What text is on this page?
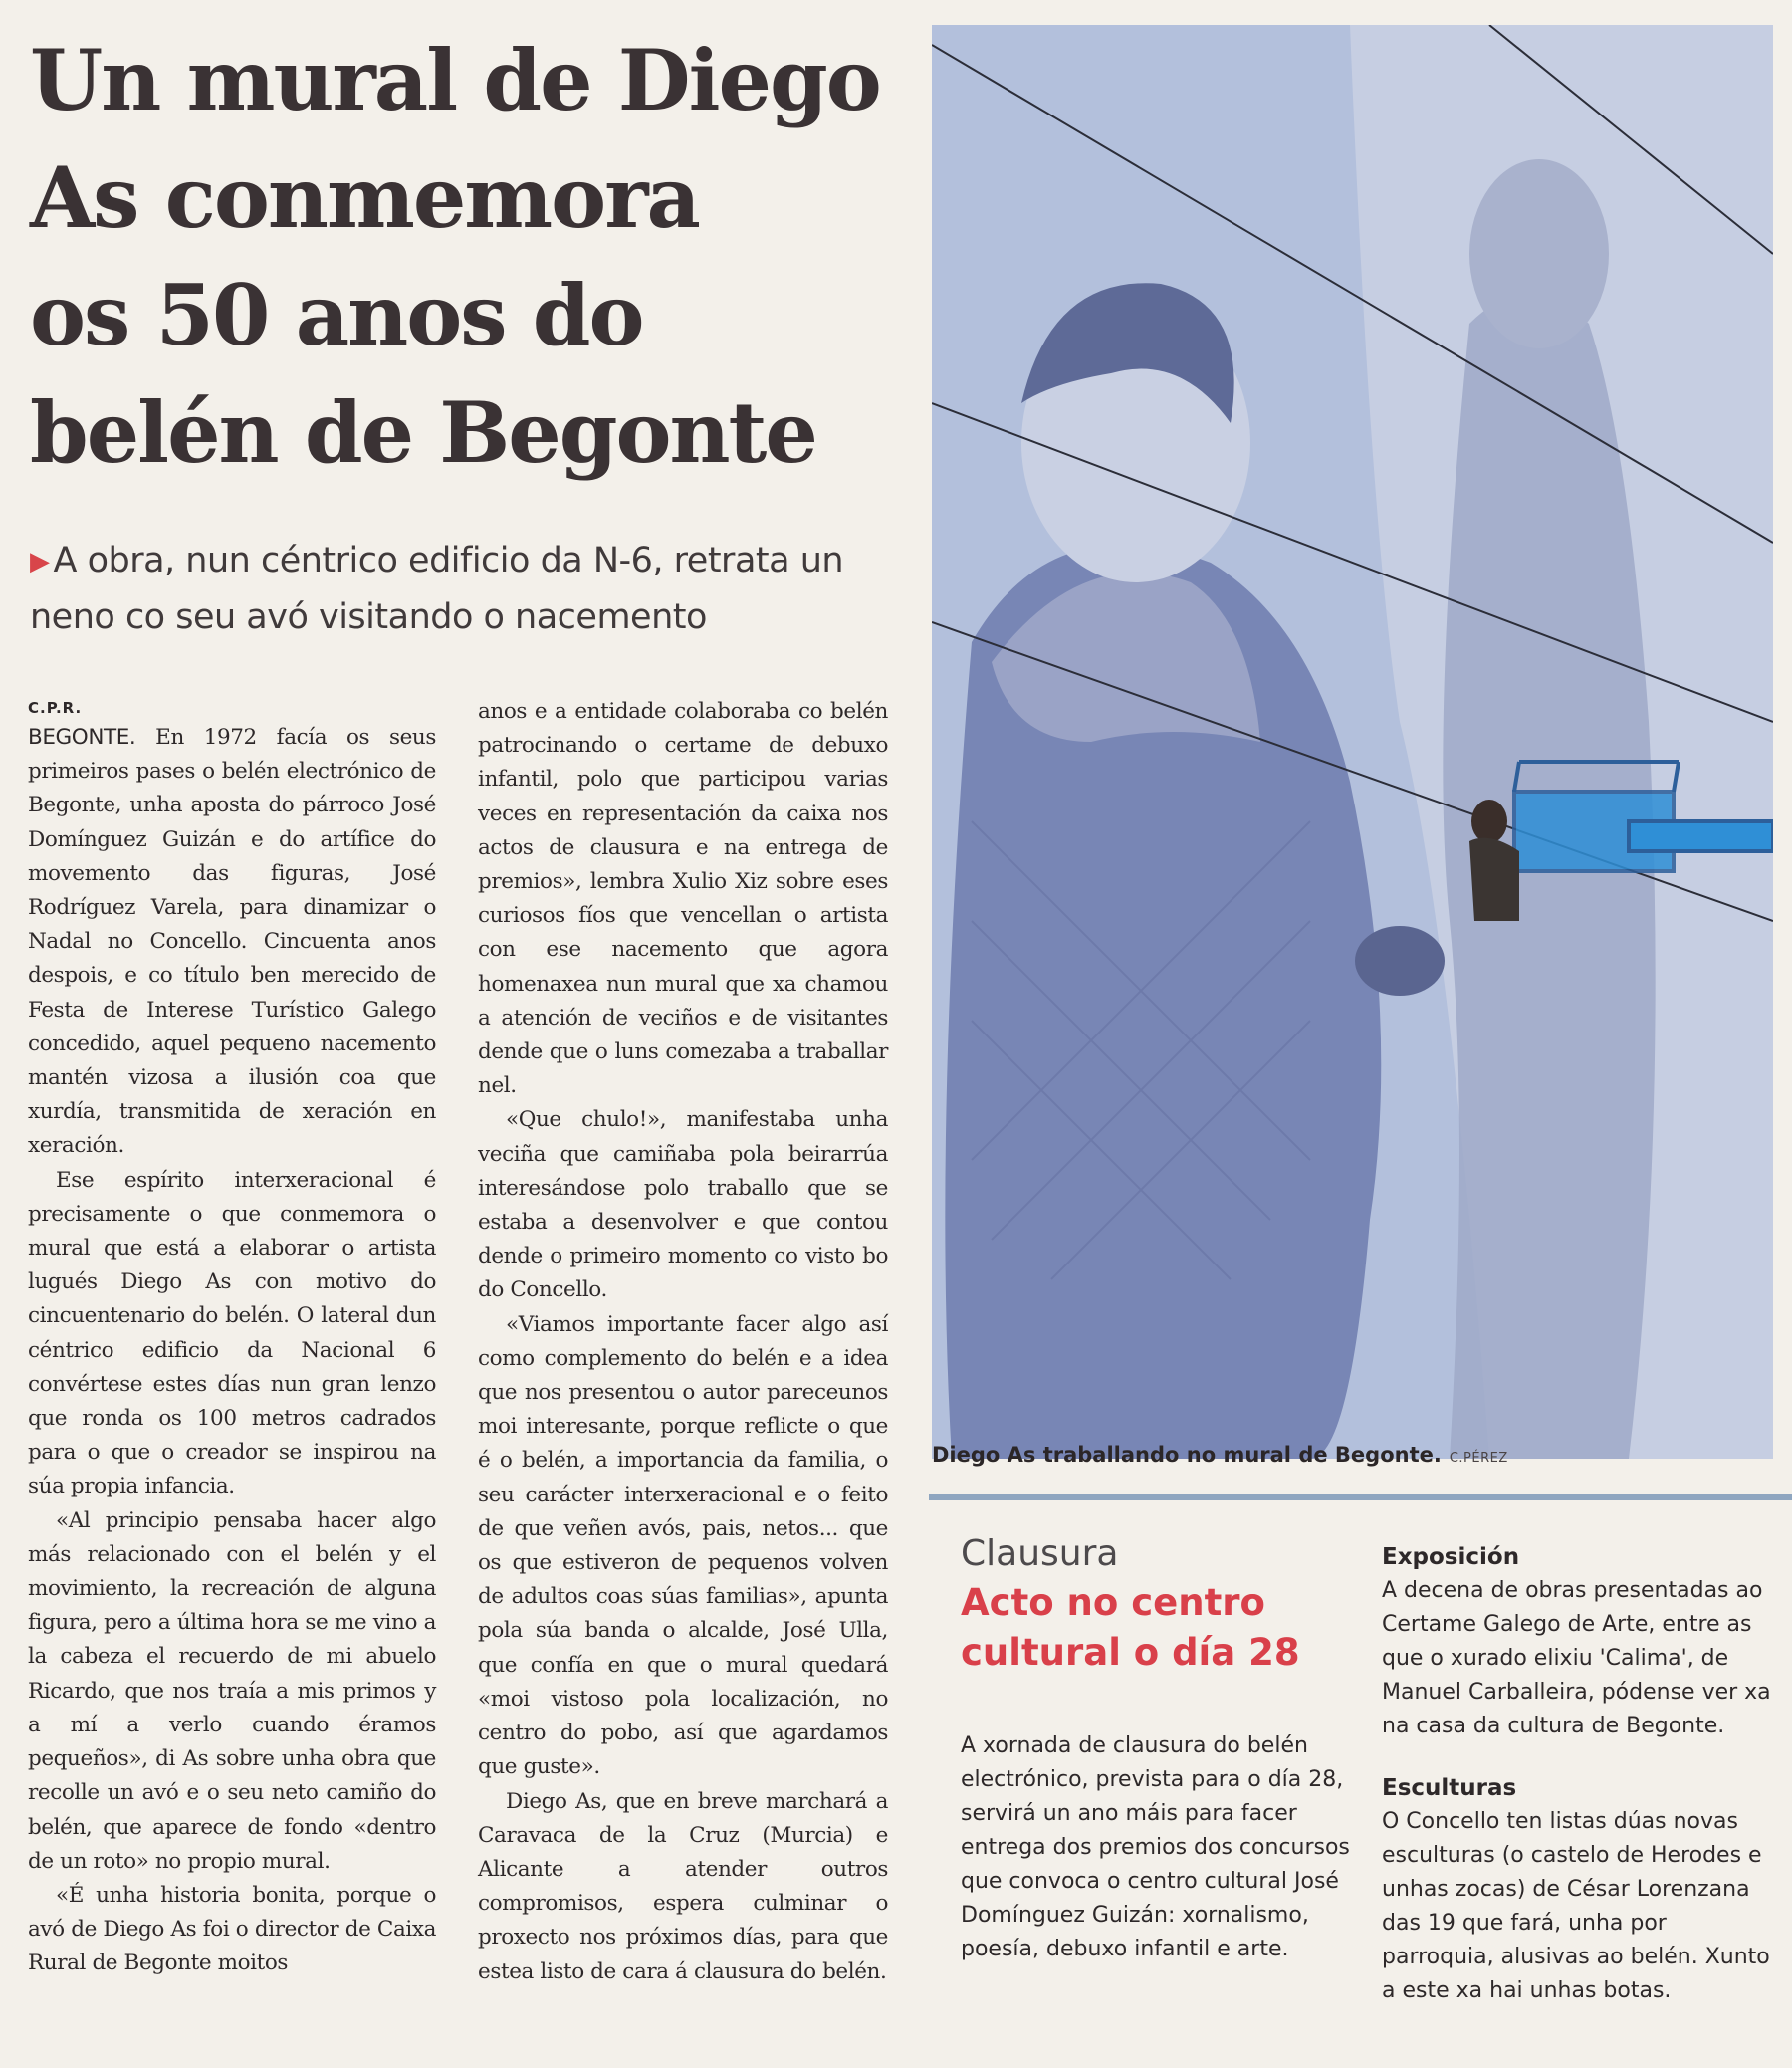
Un mural de Diego
As conmemora
os 50 anos do
belén de Begonte
▶ A obra, nun céntrico edificio da N-6, retrata un neno co seu avó visitando o nacemento
C.P.R.

BEGONTE. En 1972 facía os seus primeiros pases o belén electrónico de Begonte, unha aposta do párroco José Domínguez Guizán e do artífice do movemento das figuras, José Rodríguez Varela, para dinamizar o Nadal no Concello. Cincuenta anos despois, e co título ben merecido de Festa de Interese Turístico Galego concedido, aquel pequeno nacemento mantén vizosa a ilusión coa que xurdía, transmitida de xeración en xeración.

Ese espírito interxeracional é precisamente o que conmemora o mural que está a elaborar o artista lugués Diego As con motivo do cincuentenario do belén. O lateral dun céntrico edificio da Nacional 6 convértese estes días nun gran lenzo que ronda os 100 metros cadrados para o que o creador se inspirou na súa propia infancia.

«Al principio pensaba hacer algo más relacionado con el belén y el movimiento, la recreación de alguna figura, pero a última hora se me vino a la cabeza el recuerdo de mi abuelo Ricardo, que nos traía a mis primos y a mí a verlo cuando éramos pequeños», di As sobre unha obra que recolle un avó e o seu neto camiño do belén, que aparece de fondo «dentro de un roto» no propio mural.

«É unha historia bonita, porque o avó de Diego As foi o director de Caixa Rural de Begonte moitos

anos e a entidade colaboraba co belén patrocinando o certame de debuxo infantil, polo que participou varias veces en representación da caixa nos actos de clausura e na entrega de premios», lembra Xulio Xiz sobre eses curiosos fíos que vencellan o artista con ese nacemento que agora homenaxea nun mural que xa chamou a atención de veciños e de visitantes dende que o luns comezaba a traballar nel.

«Que chulo!», manifestaba unha veciña que camiñaba pola beirarrúa interesándose polo traballo que se estaba a desenvolver e que contou dende o primeiro momento co visto bo do Concello.

«Viamos importante facer algo así como complemento do belén e a idea que nos presentou o autor pareceunos moi interesante, porque reflicte o que é o belén, a importancia da familia, o seu carácter interxeracional e o feito de que veñen avós, pais, netos... que os que estiveron de pequenos volven de adultos coas súas familias», apunta pola súa banda o alcalde, José Ulla, que confía en que o mural quedará «moi vistoso pola localización, no centro do pobo, así que agardamos que guste».

Diego As, que en breve marchará a Caravaca de la Cruz (Murcia) e Alicante a atender outros compromisos, espera culminar o proxecto nos próximos días, para que estea listo de cara á clausura do belén.

Diego As traballando no mural de Begonte. C.PÉREZ
Clausura
Acto no centro cultural o día 28
A xornada de clausura do belén electrónico, prevista para o día 28, servirá un ano máis para facer entrega dos premios dos concursos que convoca o centro cultural José Domínguez Guizán: xornalismo, poesía, debuxo infantil e arte.
Exposición

A decena de obras presentadas ao Certame Galego de Arte, entre as que o xurado elixiu 'Calima', de Manuel Carballeira, pódense ver xa na casa da cultura de Begonte.

Esculturas

O Concello ten listas dúas novas esculturas (o castelo de Herodes e unhas zocas) de César Lorenzana das 19 que fará, unha por parroquia, alusivas ao belén. Xunto a este xa hai unhas botas.
